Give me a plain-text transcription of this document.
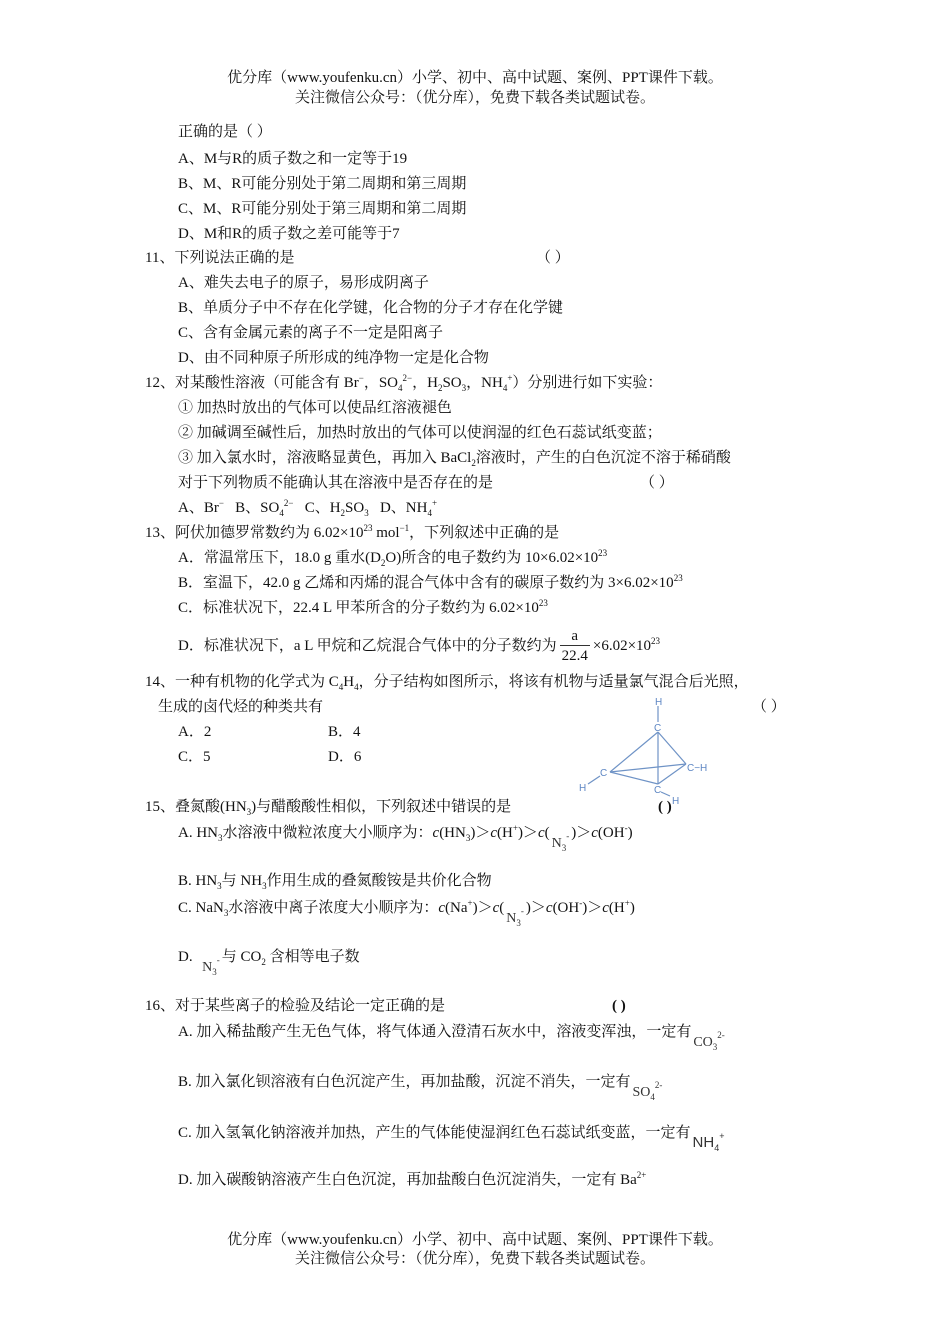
优分库（www.youfenku.cn）小学、初中、高中试题、案例、PPT课件下载。
关注微信公众号：（优分库），免费下载各类试题试卷。
正确的是（ ）
A、M与R的质子数之和一定等于19
B、M、R可能分别处于第二周期和第三周期
C、M、R可能分别处于第三周期和第二周期
D、M和R的质子数之差可能等于7
11、下列说法正确的是	（ ）
A、难失去电子的原子，易形成阴离子
B、单质分子中不存在化学键，化合物的分子才存在化学键
C、含有金属元素的离子不一定是阳离子
D、由不同种原子所形成的纯净物一定是化合物
12、对某酸性溶液（可能含有 Br−，$SO_4^{2-}$，$H_2SO_3$，$NH_4^+$）分别进行如下实验：
① 加热时放出的气体可以使品红溶液褪色
② 加碱调至碱性后，加热时放出的气体可以使润湿的红色石蕊试纸变蓝；
③ 加入氯水时，溶液略显黄色，再加入 BaCl$_2$溶液时，产生的白色沉淀不溶于稀硝酸
对于下列物质不能确认其在溶液中是否存在的是	（ ）
A、Br− B、$SO_4^{2-}$ C、$H_2SO_3$ D、$NH_4^+$
13、阿伏加德罗常数约为 $6.02\times 10^{23}$ mol$^{-1}$，下列叙述中正确的是
A．常温常压下，18.0 g 重水$(D_2O)$所含的电子数约为 $10\times 6.02\times 10^{23}$
B．室温下，42.0 g 乙烯和丙烯的混合气体中含有的碳原子数约为 $3\times 6.02\times 10^{23}$
C．标准状况下，22.4 L 甲苯所含的分子数约为 $6.02\times 10^{23}$
D．标准状况下，a L 甲烷和乙烷混合气体中的分子数约为 $\frac{a}{22.4} \times 6.02\times 10^{23}$
14、一种有机物的化学式为 $C_4H_4$，分子结构如图所示，将该有机物与适量氯气混合后光照，
生成的卤代烃的种类共有	（ ）
A．2	B．4
C．5	D．6
H
C
C
H
C−H
C
H
15、叠氮酸$(HN_3)$与醋酸酸性相似，下列叙述中错误的是	( )
A. $HN_3$水溶液中微粒浓度大小顺序为：$c(HN_3)>c(H^+)>c(N_3^-$ )＞c(OH-)
B. $HN_3$与 $NH_3$作用生成的叠氮酸铵是共价化合物
C. NaN$_3$水溶液中离子浓度大小顺序为：$c(Na^+)>c(N_3^-$ )＞c(OH-)＞c(H+)
D.  $N_3^-$ 与 $CO_2$ 含相等电子数
16、对于某些离子的检验及结论一定正确的是	( )
A. 加入稀盐酸产生无色气体，将气体通入澄清石灰水中，溶液变浑浊，一定有$CO_3^{2-}$
B. 加入氯化钡溶液有白色沉淀产生，再加盐酸，沉淀不消失，一定有$SO_4^{2-}$
C. 加入氢氧化钠溶液并加热，产生的气体能使湿润红色石蕊试纸变蓝，一定有$NH_4^+$
D. 加入碳酸钠溶液产生白色沉淀，再加盐酸白色沉淀消失，一定有 $Ba^{2+}$
优分库（www.youfenku.cn）小学、初中、高中试题、案例、PPT课件下载。
关注微信公众号：（优分库），免费下载各类试题试卷。
